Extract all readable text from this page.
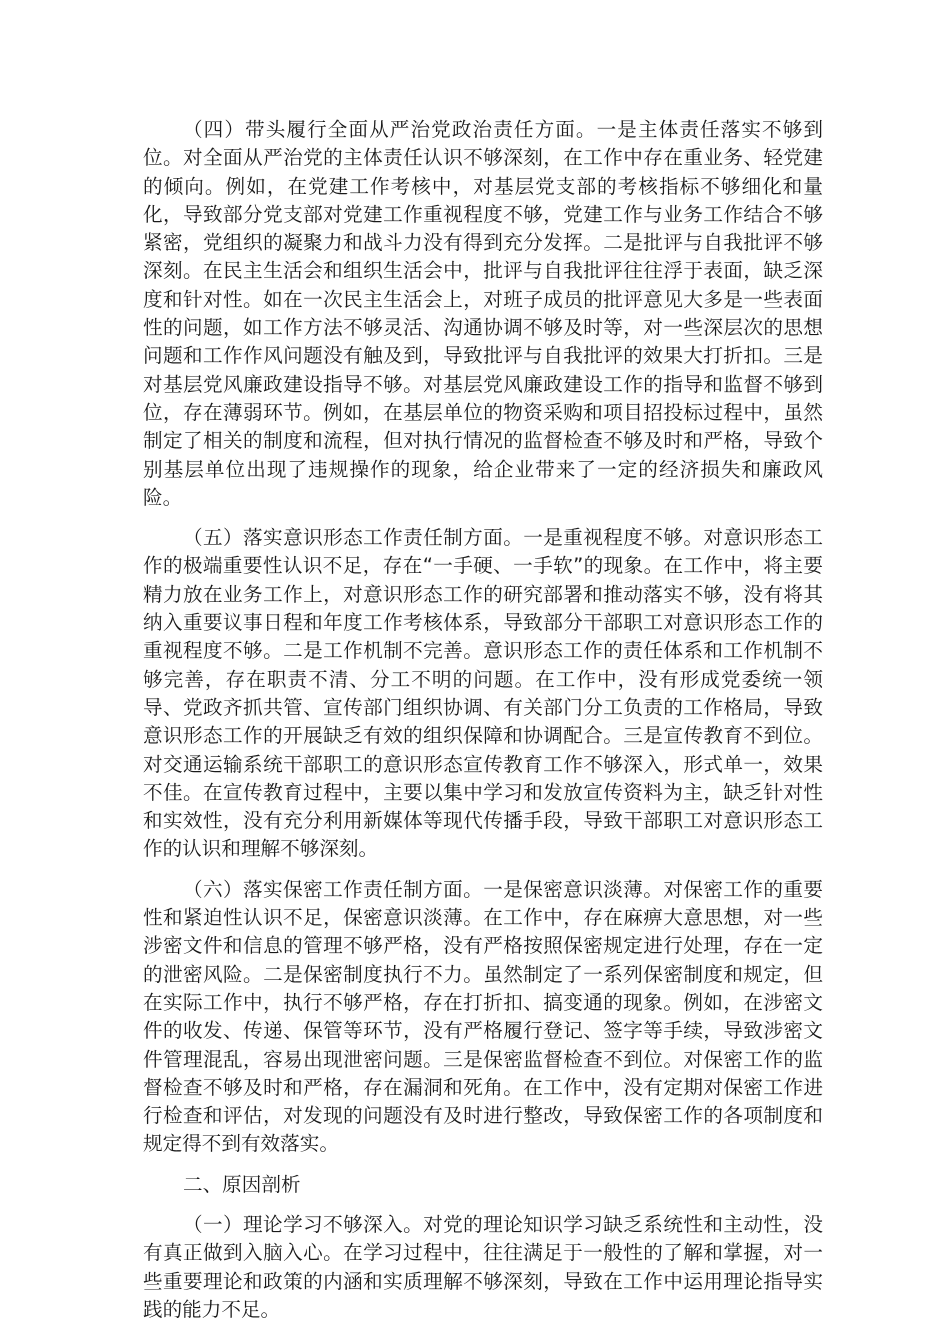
（四）带头履行全面从严治党政治责任方面。一是主体责任落实不够到位。对全面从严治党的主体责任认识不够深刻，在工作中存在重业务、轻党建的倾向。例如，在党建工作考核中，对基层党支部的考核指标不够细化和量化，导致部分党支部对党建工作重视程度不够，党建工作与业务工作结合不够紧密，党组织的凝聚力和战斗力没有得到充分发挥。二是批评与自我批评不够深刻。在民主生活会和组织生活会中，批评与自我批评往往浮于表面，缺乏深度和针对性。如在一次民主生活会上，对班子成员的批评意见大多是一些表面性的问题，如工作方法不够灵活、沟通协调不够及时等，对一些深层次的思想问题和工作作风问题没有触及到，导致批评与自我批评的效果大打折扣。三是对基层党风廉政建设指导不够。对基层党风廉政建设工作的指导和监督不够到位，存在薄弱环节。例如，在基层单位的物资采购和项目招投标过程中，虽然制定了相关的制度和流程，但对执行情况的监督检查不够及时和严格，导致个别基层单位出现了违规操作的现象，给企业带来了一定的经济损失和廉政风险。

（五）落实意识形态工作责任制方面。一是重视程度不够。对意识形态工作的极端重要性认识不足，存在“一手硬、一手软”的现象。在工作中，将主要精力放在业务工作上，对意识形态工作的研究部署和推动落实不够，没有将其纳入重要议事日程和年度工作考核体系，导致部分干部职工对意识形态工作的重视程度不够。二是工作机制不完善。意识形态工作的责任体系和工作机制不够完善，存在职责不清、分工不明的问题。在工作中，没有形成党委统一领导、党政齐抓共管、宣传部门组织协调、有关部门分工负责的工作格局，导致意识形态工作的开展缺乏有效的组织保障和协调配合。三是宣传教育不到位。对交通运输系统干部职工的意识形态宣传教育工作不够深入，形式单一，效果不佳。在宣传教育过程中，主要以集中学习和发放宣传资料为主，缺乏针对性和实效性，没有充分利用新媒体等现代传播手段，导致干部职工对意识形态工作的认识和理解不够深刻。

（六）落实保密工作责任制方面。一是保密意识淡薄。对保密工作的重要性和紧迫性认识不足，保密意识淡薄。在工作中，存在麻痹大意思想，对一些涉密文件和信息的管理不够严格，没有严格按照保密规定进行处理，存在一定的泄密风险。二是保密制度执行不力。虽然制定了一系列保密制度和规定，但在实际工作中，执行不够严格，存在打折扣、搞变通的现象。例如，在涉密文件的收发、传递、保管等环节，没有严格履行登记、签字等手续，导致涉密文件管理混乱，容易出现泄密问题。三是保密监督检查不到位。对保密工作的监督检查不够及时和严格，存在漏洞和死角。在工作中，没有定期对保密工作进行检查和评估，对发现的问题没有及时进行整改，导致保密工作的各项制度和规定得不到有效落实。

二、原因剖析

（一）理论学习不够深入。对党的理论知识学习缺乏系统性和主动性，没有真正做到入脑入心。在学习过程中，往往满足于一般性的了解和掌握，对一些重要理论和政策的内涵和实质理解不够深刻，导致在工作中运用理论指导实践的能力不足。
